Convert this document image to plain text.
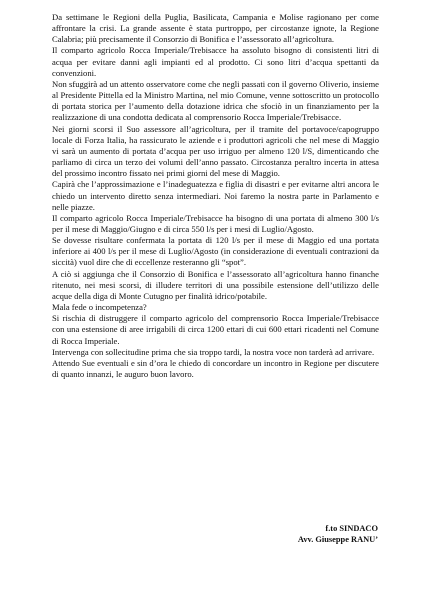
Da settimane le Regioni della Puglia, Basilicata, Campania e Molise ragionano per come affrontare la crisi. La grande assente è stata purtroppo, per circostanze ignote, la Regione Calabria; più precisamente il Consorzio di Bonifica e l’assessorato all’agricoltura.

Il comparto agricolo Rocca Imperiale/Trebisacce ha assoluto bisogno di consistenti litri di acqua per evitare danni agli impianti ed al prodotto. Ci sono litri d’acqua spettanti da convenzioni.

Non sfuggirà ad un attento osservatore come che negli passati con il governo Oliverio, insieme al Presidente Pittella ed la Ministro Martina, nel mio Comune, venne sottoscritto un protocollo di portata storica per l’aumento della dotazione idrica che sfociò in un finanziamento per la realizzazione di una condotta dedicata al comprensorio Rocca Imperiale/Trebisacce.

Nei giorni scorsi il Suo assessore all’agricoltura, per il tramite del portavoce/capogruppo locale di Forza Italia, ha rassicurato le aziende e i produttori agricoli che nel mese di Maggio vi sarà un aumento di portata d’acqua per uso irriguo per almeno 120 l/S, dimenticando che parliamo di circa un terzo dei volumi dell’anno passato. Circostanza peraltro incerta in attesa del prossimo incontro fissato nei primi giorni del mese di Maggio.

Capirà che l’approssimazione e l’inadeguatezza e figlia di disastri e per evitarne altri ancora le chiedo un intervento diretto senza intermediari. Noi faremo la nostra parte in Parlamento e nelle piazze.

Il comparto agricolo Rocca Imperiale/Trebisacce ha bisogno di una portata di almeno 300 l/s per il mese di Maggio/Giugno e di circa 550 l/s per i mesi di Luglio/Agosto.

Se dovesse risultare confermata la portata di 120 l/s per il mese di Maggio ed una portata inferiore ai 400 l/s per il mese di Luglio/Agosto (in considerazione di eventuali contrazioni da siccità) vuol dire che di eccellenze resteranno gli “spot”.

A ciò si aggiunga che il Consorzio di Bonifica e l’assessorato all’agricoltura hanno finanche ritenuto, nei mesi scorsi, di illudere territori di una possibile estensione dell’utilizzo delle acque della diga di Monte Cutugno per finalità idrico/potabile.

Mala fede o incompetenza?

Si rischia di distruggere il comparto agricolo del comprensorio Rocca Imperiale/Trebisacce con una estensione di aree irrigabili di circa 1200 ettari di cui 600 ettari ricadenti nel Comune di Rocca Imperiale.

Intervenga con sollecitudine prima che sia troppo tardi, la nostra voce non tarderà ad arrivare.

Attendo Sue eventuali e sin d’ora le chiedo di concordare un incontro in Regione per discutere di quanto innanzi, le auguro buon lavoro.

f.to SINDACO
Avv. Giuseppe RANU’
